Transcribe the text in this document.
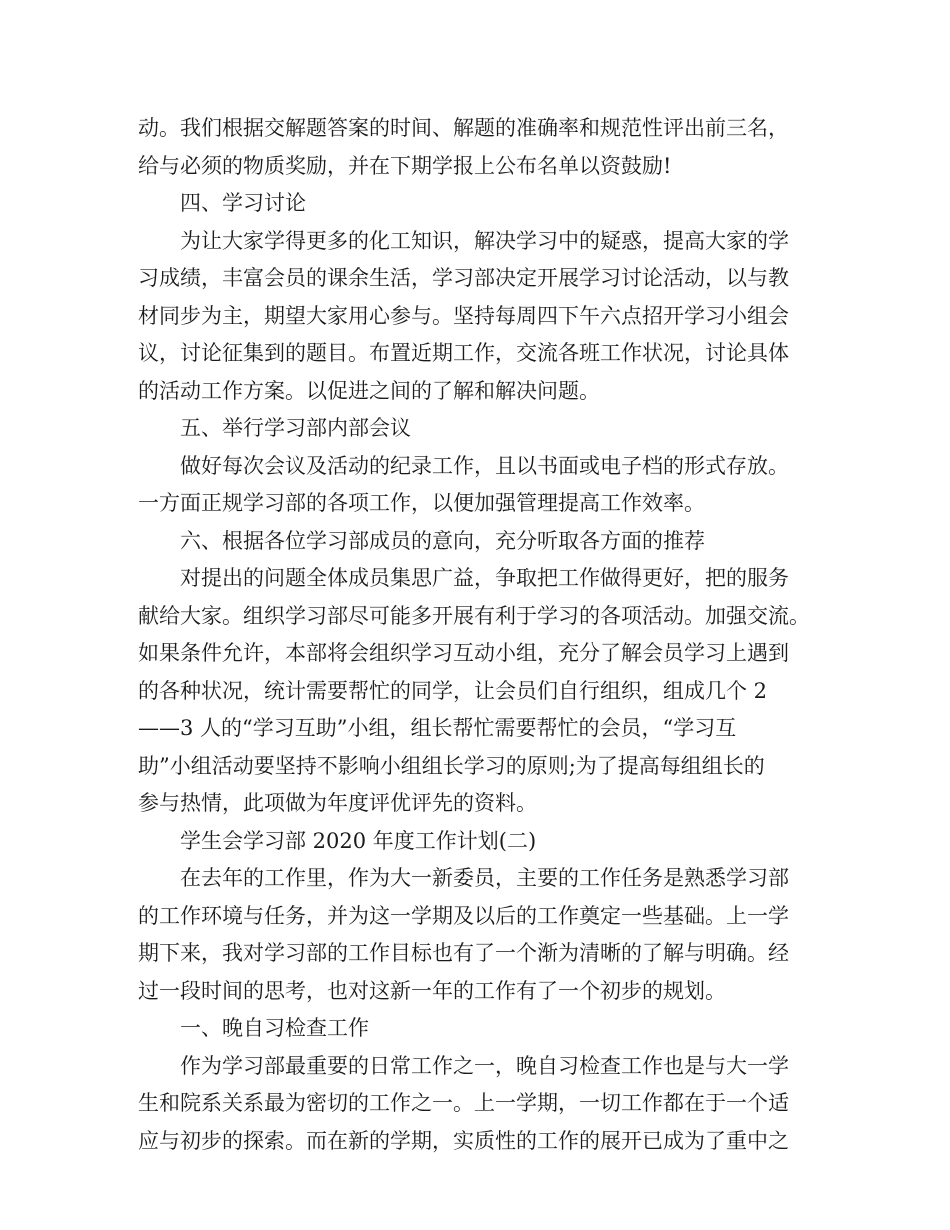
动。我们根据交解题答案的时间、解题的准确率和规范性评出前三名，
给与必须的物质奖励，并在下期学报上公布名单以资鼓励!
四、学习讨论
为让大家学得更多的化工知识，解决学习中的疑惑，提高大家的学
习成绩，丰富会员的课余生活，学习部决定开展学习讨论活动，以与教
材同步为主，期望大家用心参与。坚持每周四下午六点招开学习小组会
议，讨论征集到的题目。布置近期工作，交流各班工作状况，讨论具体
的活动工作方案。以促进之间的了解和解决问题。
五、举行学习部内部会议
做好每次会议及活动的纪录工作，且以书面或电子档的形式存放。
一方面正规学习部的各项工作，以便加强管理提高工作效率。
六、根据各位学习部成员的意向，充分听取各方面的推荐
对提出的问题全体成员集思广益，争取把工作做得更好，把的服务
献给大家。组织学习部尽可能多开展有利于学习的各项活动。加强交流。
如果条件允许，本部将会组织学习互动小组，充分了解会员学习上遇到
的各种状况，统计需要帮忙的同学，让会员们自行组织，组成几个 2
——3 人的“学习互助”小组，组长帮忙需要帮忙的会员，“学习互
助”小组活动要坚持不影响小组组长学习的原则;为了提高每组组长的
参与热情，此项做为年度评优评先的资料。
学生会学习部 2020 年度工作计划(二)
在去年的工作里，作为大一新委员，主要的工作任务是熟悉学习部
的工作环境与任务，并为这一学期及以后的工作奠定一些基础。上一学
期下来，我对学习部的工作目标也有了一个渐为清晰的了解与明确。经
过一段时间的思考，也对这新一年的工作有了一个初步的规划。
一、晚自习检查工作
作为学习部最重要的日常工作之一，晚自习检查工作也是与大一学
生和院系关系最为密切的工作之一。上一学期，一切工作都在于一个适
应与初步的探索。而在新的学期，实质性的工作的展开已成为了重中之
